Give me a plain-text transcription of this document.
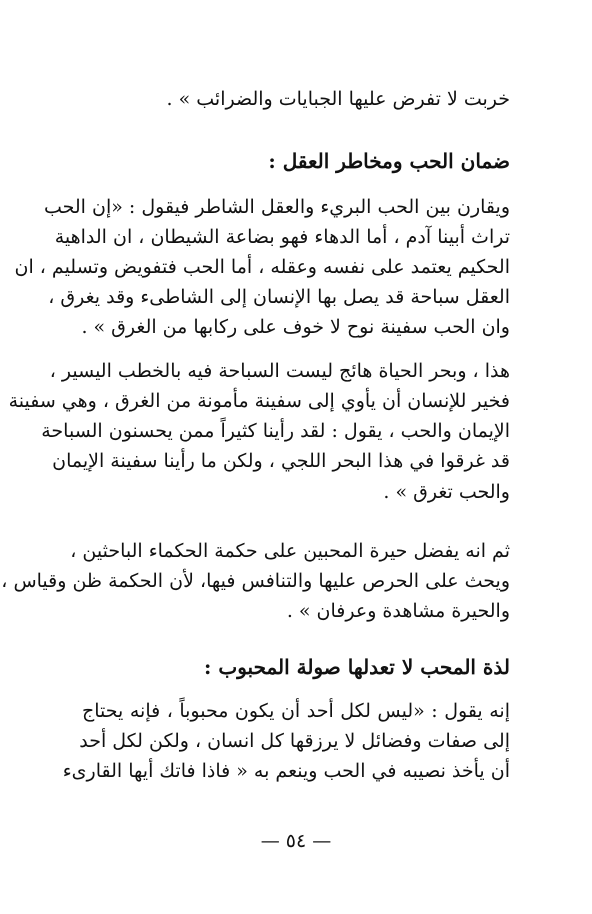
خربت لا تفرض عليها الجبايات والضرائب » .
ضمان الحب ومخاطر العقل :
ويقارن بين الحب البريء والعقل الشاطر فيقول : «إن الحب
تراث أبينا آدم ، أما الدهاء فهو بضاعة الشيطان ، ان الداهية
الحكيم يعتمد على نفسه وعقله ، أما الحب فتفويض وتسليم ، ان
العقل سباحة قد يصل بها الإنسان إلى الشاطىء وقد يغرق ،
وان الحب سفينة نوح لا خوف على ركابها من الغرق » .
هذا ، وبحر الحياة هائج ليست السباحة فيه بالخطب اليسير ،
فخير للإنسان أن يأوي إلى سفينة مأمونة من الغرق ، وهي سفينة
الإيمان والحب ، يقول : لقد رأينا كثيراً ممن يحسنون السباحة
قد غرقوا في هذا البحر اللجي ، ولكن ما رأينا سفينة الإيمان
والحب تغرق » .
ثم انه يفضل حيرة المحبين على حكمة الحكماء الباحثين ،
ويحث على الحرص عليها والتنافس فيها، لأن الحكمة ظن وقياس ،
والحيرة مشاهدة وعرفان » .
لذة المحب لا تعدلها صولة المحبوب :
إنه يقول : «ليس لكل أحد أن يكون محبوباً ، فإنه يحتاج
إلى صفات وفضائل لا يرزقها كل انسان ، ولكن لكل أحد
أن يأخذ نصيبه في الحب وينعم به « فاذا فاتك أيها القارىء
— ٥٤ —
